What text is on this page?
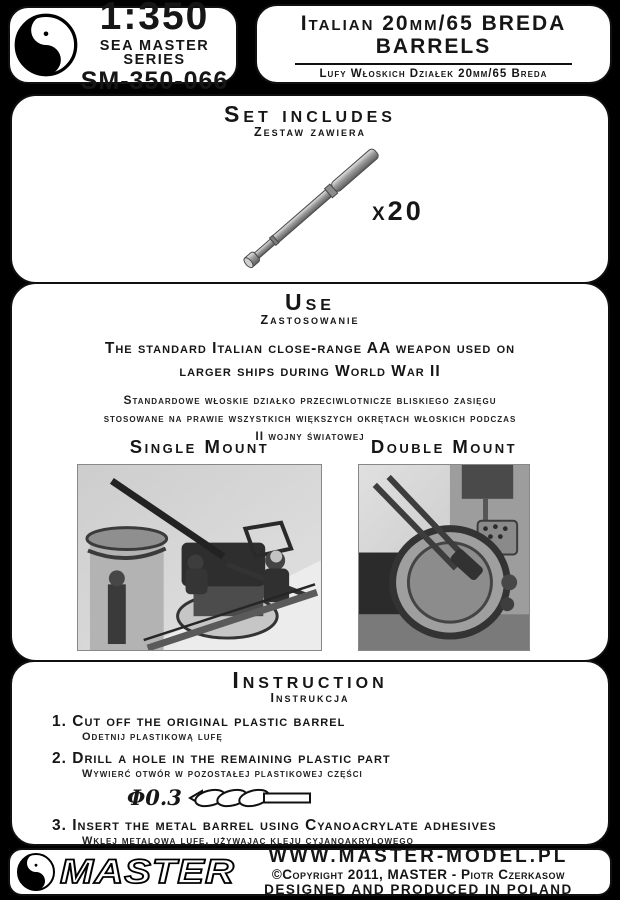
1:350
SEA MASTER SERIES
SM-350-066
Italian 20mm/65 BREDA
BARRELS
Lufy Włoskich Działek 20mm/65 Breda
Set includes
Zestaw zawiera
x20
Use
Zastosowanie
The standard Italian close-range AA weapon used on
larger ships during World War II
Standardowe włoskie działko przeciwlotnicze bliskiego zasięgu
stosowane na prawie wszystkich większych okrętach włoskich podczas
II wojny światowej
Single Mount	Double Mount
Instruction
Instrukcja
1. Cut off the original plastic barrel
Odetnij plastikową lufę
2. Drill a hole in the remaining plastic part
Wywierć otwór w pozostałej plastikowej części
Φ0.3
3. Insert the metal barrel using Cyanoacrylate adhesives
Wklej metalową lufę, używając kleju cyjanoakrylowego
MASTER	WWW.MASTER-MODEL.PL
©Copyright 2011, MASTER - Piotr Czerkasow
DESIGNED AND PRODUCED IN POLAND
